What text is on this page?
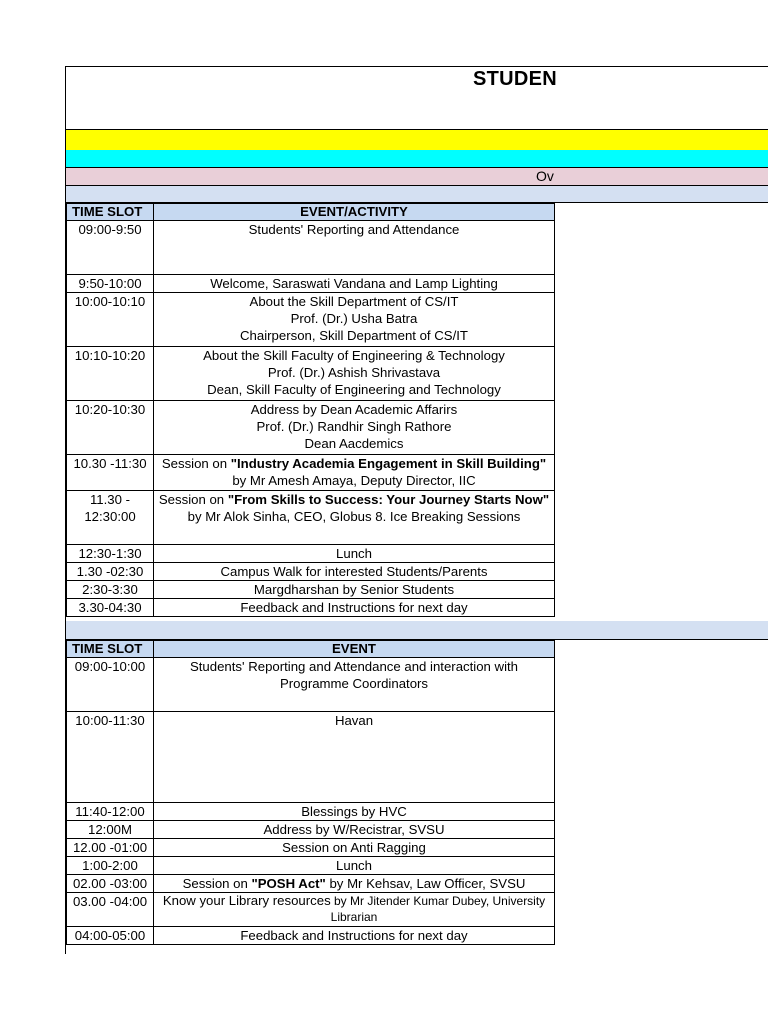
STUDEN
Ov
TIME SLOT	EVENT/ACTIVITY
09:00-9:50	Students' Reporting and Attendance

9:50-10:00	Welcome, Saraswati Vandana and Lamp Lighting

10:00-10:10	About the Skill Department of CS/IT
Prof. (Dr.) Usha Batra
Chairperson, Skill Department of CS/IT

10:10-10:20	About the Skill Faculty of Engineering & Technology
Prof. (Dr.) Ashish Shrivastava
Dean, Skill Faculty of Engineering and Technology

10:20-10:30	Address by Dean Academic Affarirs
Prof. (Dr.) Randhir Singh Rathore
Dean Aacdemics

10.30 -11:30	Session on "Industry Academia Engagement in Skill Building" by Mr Amesh Amaya, Deputy Director, IIC
11.30 - 12:30:00	Session on "From Skills to Success: Your Journey Starts Now" by Mr Alok Sinha, CEO, Globus 8. Ice Breaking Sessions
12:30-1:30	Lunch

1.30 -02:30	Campus Walk for interested Students/Parents

2:30-3:30	Margdharshan by Senior Students

3.30-04:30	Feedback and Instructions for next day
TIME SLOT	EVENT
09:00-10:00	Students' Reporting and Attendance and interaction with
Programme Coordinators

10:00-11:30	Havan

11:40-12:00	Blessings by HVC

12:00M	Address by W/Recistrar, SVSU

12.00 -01:00	Session on Anti Ragging

1:00-2:00	Lunch

02.00 -03:00	Session on "POSH Act" by Mr Kehsav, Law Officer, SVSU
03.00 -04:00	Know your Library resources by Mr Jitender Kumar Dubey, University Librarian
04:00-05:00	Feedback and Instructions for next day
